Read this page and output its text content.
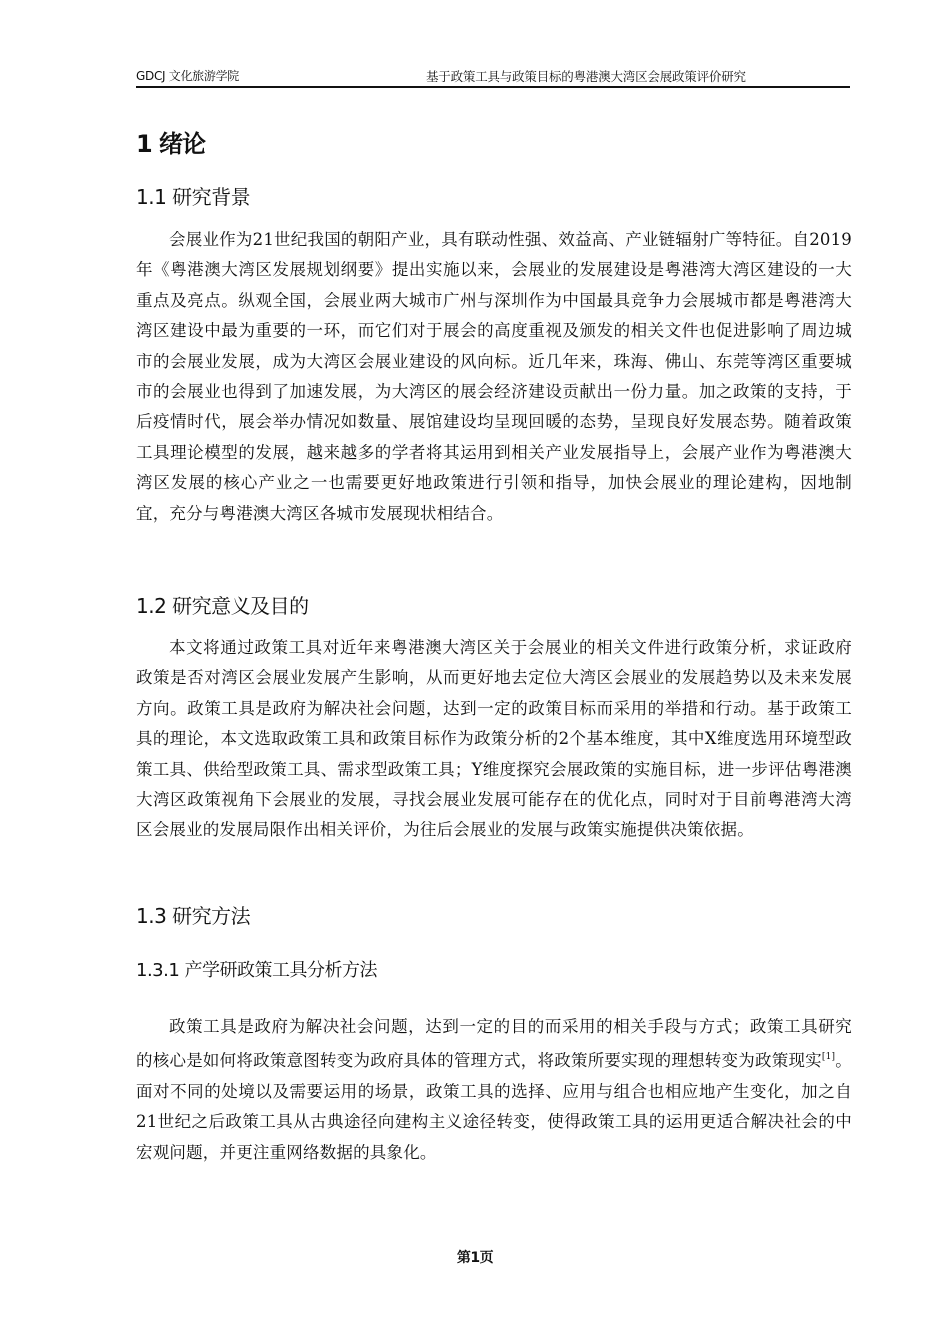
GDCJ 文化旅游学院	基于政策工具与政策目标的粤港澳大湾区会展政策评价研究
1 绪论
1.1 研究背景
会展业作为21世纪我国的朝阳产业，具有联动性强、效益高、产业链辐射广等特征。自2019年《粤港澳大湾区发展规划纲要》提出实施以来，会展业的发展建设是粤港湾大湾区建设的一大重点及亮点。纵观全国，会展业两大城市广州与深圳作为中国最具竞争力会展城市都是粤港湾大湾区建设中最为重要的一环，而它们对于展会的高度重视及颁发的相关文件也促进影响了周边城市的会展业发展，成为大湾区会展业建设的风向标。近几年来，珠海、佛山、东莞等湾区重要城市的会展业也得到了加速发展，为大湾区的展会经济建设贡献出一份力量。加之政策的支持，于后疫情时代，展会举办情况如数量、展馆建设均呈现回暖的态势，呈现良好发展态势。随着政策工具理论模型的发展，越来越多的学者将其运用到相关产业发展指导上，会展产业作为粤港澳大湾区发展的核心产业之一也需要更好地政策进行引领和指导，加快会展业的理论建构，因地制宜，充分与粤港澳大湾区各城市发展现状相结合。
1.2 研究意义及目的
本文将通过政策工具对近年来粤港澳大湾区关于会展业的相关文件进行政策分析，求证政府政策是否对湾区会展业发展产生影响，从而更好地去定位大湾区会展业的发展趋势以及未来发展方向。政策工具是政府为解决社会问题，达到一定的政策目标而采用的举措和行动。基于政策工具的理论，本文选取政策工具和政策目标作为政策分析的2个基本维度，其中X维度选用环境型政策工具、供给型政策工具、需求型政策工具；Y维度探究会展政策的实施目标，进一步评估粤港澳大湾区政策视角下会展业的发展，寻找会展业发展可能存在的优化点，同时对于目前粤港湾大湾区会展业的发展局限作出相关评价，为往后会展业的发展与政策实施提供决策依据。
1.3 研究方法
1.3.1 产学研政策工具分析方法
政策工具是政府为解决社会问题，达到一定的目的而采用的相关手段与方式；政策工具研究的核心是如何将政策意图转变为政府具体的管理方式，将政策所要实现的理想转变为政策现实[1]。面对不同的处境以及需要运用的场景，政策工具的选择、应用与组合也相应地产生变化，加之自21世纪之后政策工具从古典途径向建构主义途径转变，使得政策工具的运用更适合解决社会的中宏观问题，并更注重网络数据的具象化。
第1页
